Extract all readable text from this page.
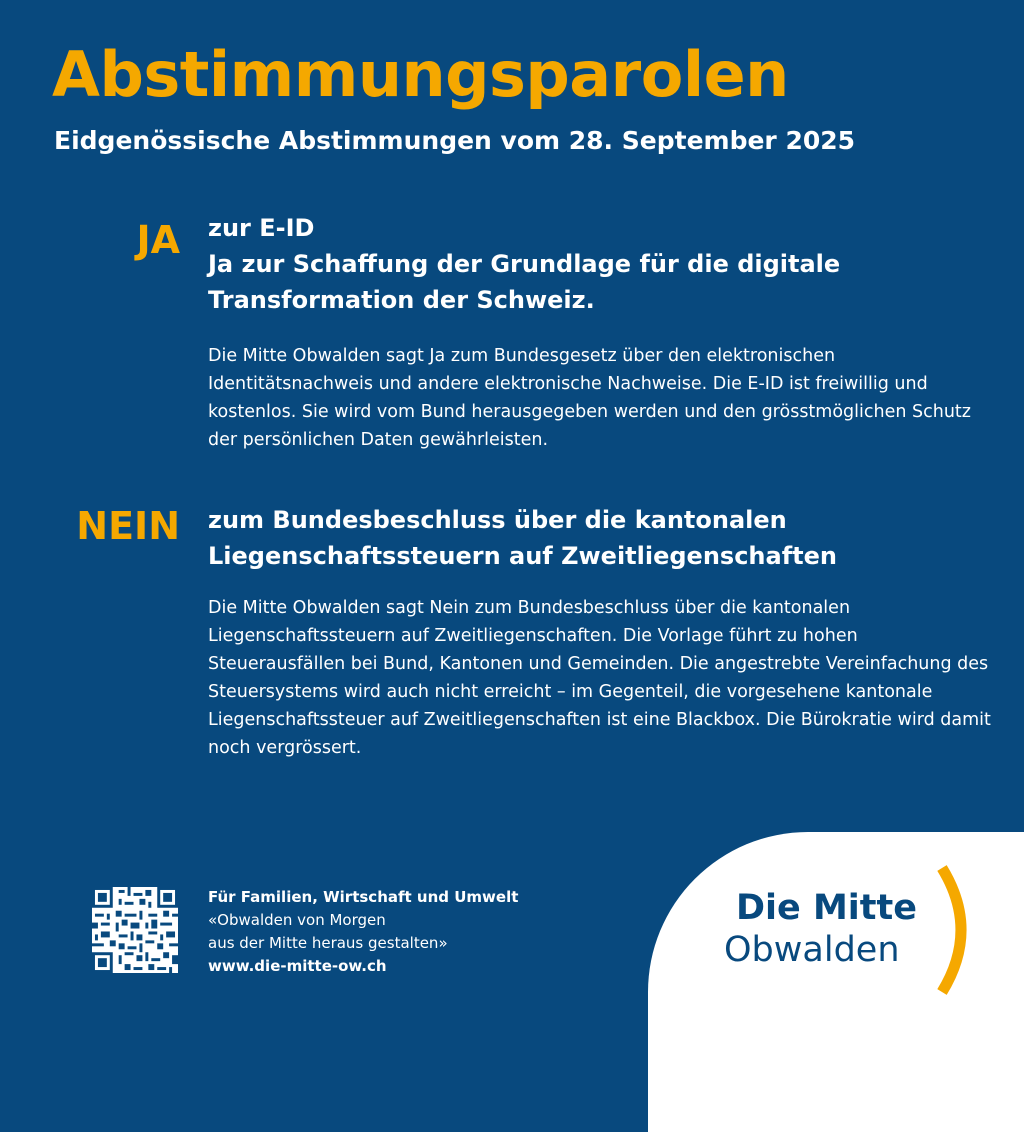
Abstimmungsparolen
Eidgenössische Abstimmungen vom 28. September 2025
JA zur E-ID
Ja zur Schaffung der Grundlage für die digitale Transformation der Schweiz.

Die Mitte Obwalden sagt Ja zum Bundesgesetz über den elektronischen Identitätsnachweis und andere elektronische Nachweise. Die E-ID ist freiwillig und kostenlos. Sie wird vom Bund herausgegeben werden und den grösstmöglichen Schutz der persönlichen Daten gewährleisten.

NEIN zum Bundesbeschluss über die kantonalen Liegenschaftssteuern auf Zweitliegenschaften

Die Mitte Obwalden sagt Nein zum Bundesbeschluss über die kantonalen Liegenschaftssteuern auf Zweitliegenschaften. Die Vorlage führt zu hohen Steuerausfällen bei Bund, Kantonen und Gemeinden. Die angestrebte Vereinfachung des Steuersystems wird auch nicht erreicht – im Gegenteil, die vorgesehene kantonale Liegenschaftssteuer auf Zweitliegenschaften ist eine Blackbox. Die Bürokratie wird damit noch vergrössert.

Für Familien, Wirtschaft und Umwelt
«Obwalden von Morgen
aus der Mitte heraus gestalten»
www.die-mitte-ow.ch
Die Mitte
Obwalden
